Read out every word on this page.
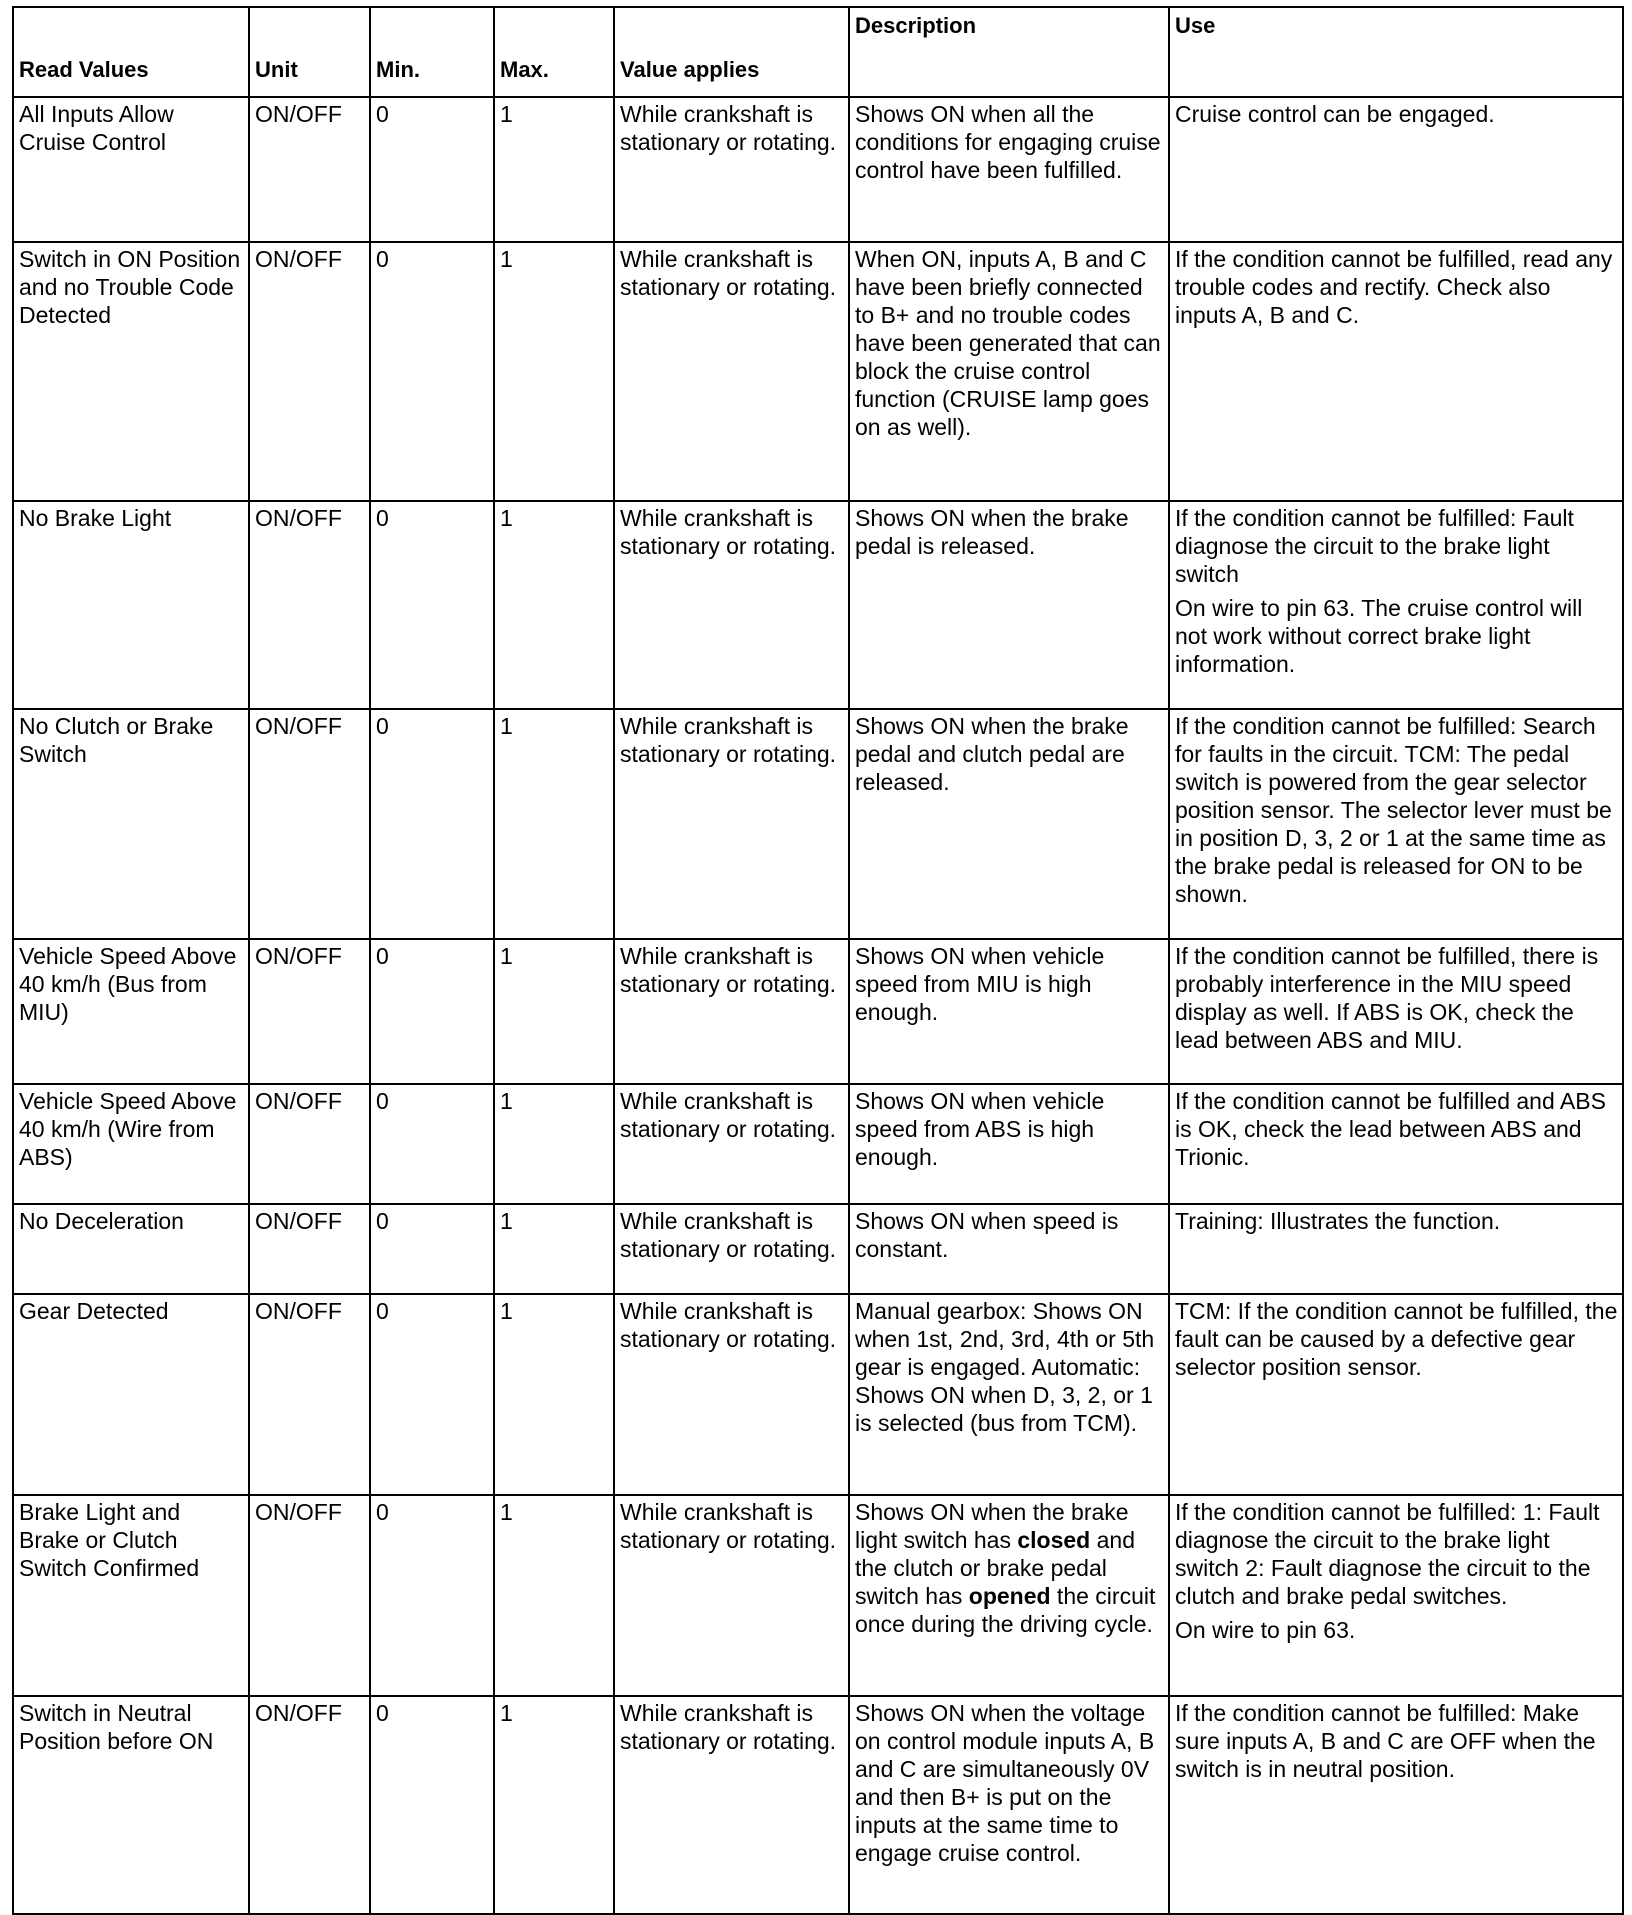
Read Values	Unit	Min.	Max.	Value applies	Description	Use
All Inputs Allow Cruise Control	ON/OFF	0	1	While crankshaft is stationary or rotating.	Shows ON when all the conditions for engaging cruise control have been fulfilled.	Cruise control can be engaged.

Switch in ON Position and no Trouble Code Detected	ON/OFF	0	1	While crankshaft is stationary or rotating.	When ON, inputs A, B and C have been briefly connected to B+ and no trouble codes have been generated that can block the cruise control function (CRUISE lamp goes on as well).	If the condition cannot be fulfilled, read any trouble codes and rectify. Check also inputs A, B and C.

No Brake Light	ON/OFF	0	1	While crankshaft is stationary or rotating.	Shows ON when the brake pedal is released.	If the condition cannot be fulfilled: Fault diagnose the circuit to the brake light switch
On wire to pin 63. The cruise control will not work without correct brake light information.

No Clutch or Brake Switch	ON/OFF	0	1	While crankshaft is stationary or rotating.	Shows ON when the brake pedal and clutch pedal are released.	If the condition cannot be fulfilled: Search for faults in the circuit. TCM: The pedal switch is powered from the gear selector position sensor. The selector lever must be in position D, 3, 2 or 1 at the same time as the brake pedal is released for ON to be shown.

Vehicle Speed Above 40 km/h (Bus from MIU)	ON/OFF	0	1	While crankshaft is stationary or rotating.	Shows ON when vehicle speed from MIU is high enough.	If the condition cannot be fulfilled, there is probably interference in the MIU speed display as well. If ABS is OK, check the lead between ABS and MIU.

Vehicle Speed Above 40 km/h (Wire from ABS)	ON/OFF	0	1	While crankshaft is stationary or rotating.	Shows ON when vehicle speed from ABS is high enough.	If the condition cannot be fulfilled and ABS is OK, check the lead between ABS and Trionic.

No Deceleration	ON/OFF	0	1	While crankshaft is stationary or rotating.	Shows ON when speed is constant.	Training: Illustrates the function.

Gear Detected	ON/OFF	0	1	While crankshaft is stationary or rotating.	Manual gearbox: Shows ON when 1st, 2nd, 3rd, 4th or 5th gear is engaged. Automatic: Shows ON when D, 3, 2, or 1 is selected (bus from TCM).	TCM: If the condition cannot be fulfilled, the fault can be caused by a defective gear selector position sensor.

Brake Light and Brake or Clutch Switch Confirmed	ON/OFF	0	1	While crankshaft is stationary or rotating.	Shows ON when the brake light switch has closed and the clutch or brake pedal switch has opened the circuit once during the driving cycle.	If the condition cannot be fulfilled: 1: Fault diagnose the circuit to the brake light switch 2: Fault diagnose the circuit to the clutch and brake pedal switches.
On wire to pin 63.

Switch in Neutral Position before ON	ON/OFF	0	1	While crankshaft is stationary or rotating.	Shows ON when the voltage on control module inputs A, B and C are simultaneously 0V and then B+ is put on the inputs at the same time to engage cruise control.	If the condition cannot be fulfilled: Make sure inputs A, B and C are OFF when the switch is in neutral position.
